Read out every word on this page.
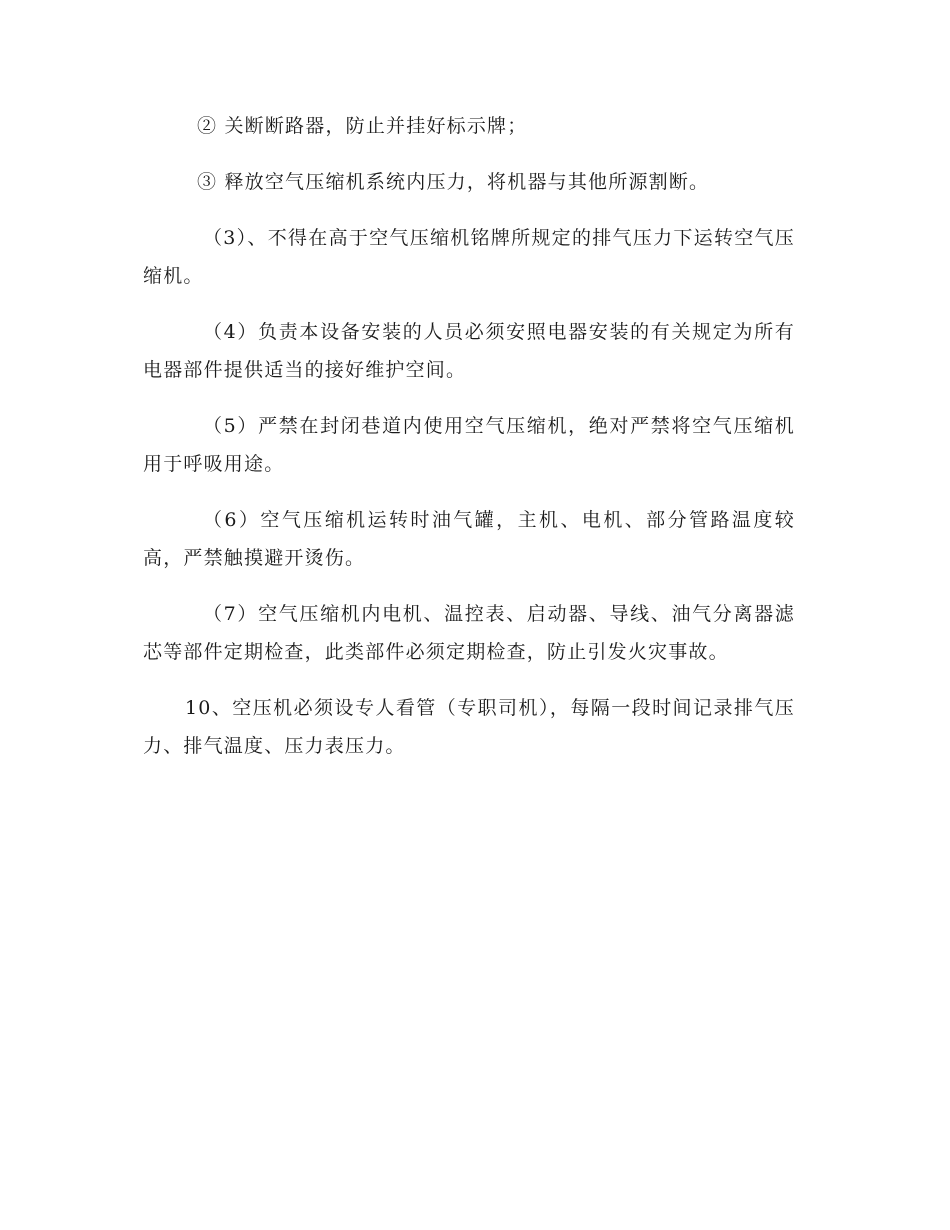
② 关断断路器，防止并挂好标示牌；

③ 释放空气压缩机系统内压力，将机器与其他所源割断。

（3）、不得在高于空气压缩机铭牌所规定的排气压力下运转空气压缩机。

（4）负责本设备安装的人员必须安照电器安装的有关规定为所有电器部件提供适当的接好维护空间。

（5）严禁在封闭巷道内使用空气压缩机，绝对严禁将空气压缩机用于呼吸用途。

（6）空气压缩机运转时油气罐，主机、电机、部分管路温度较高，严禁触摸避开烫伤。

（7）空气压缩机内电机、温控表、启动器、导线、油气分离器滤芯等部件定期检查，此类部件必须定期检查，防止引发火灾事故。

10、空压机必须设专人看管（专职司机），每隔一段时间记录排气压力、排气温度、压力表压力。
